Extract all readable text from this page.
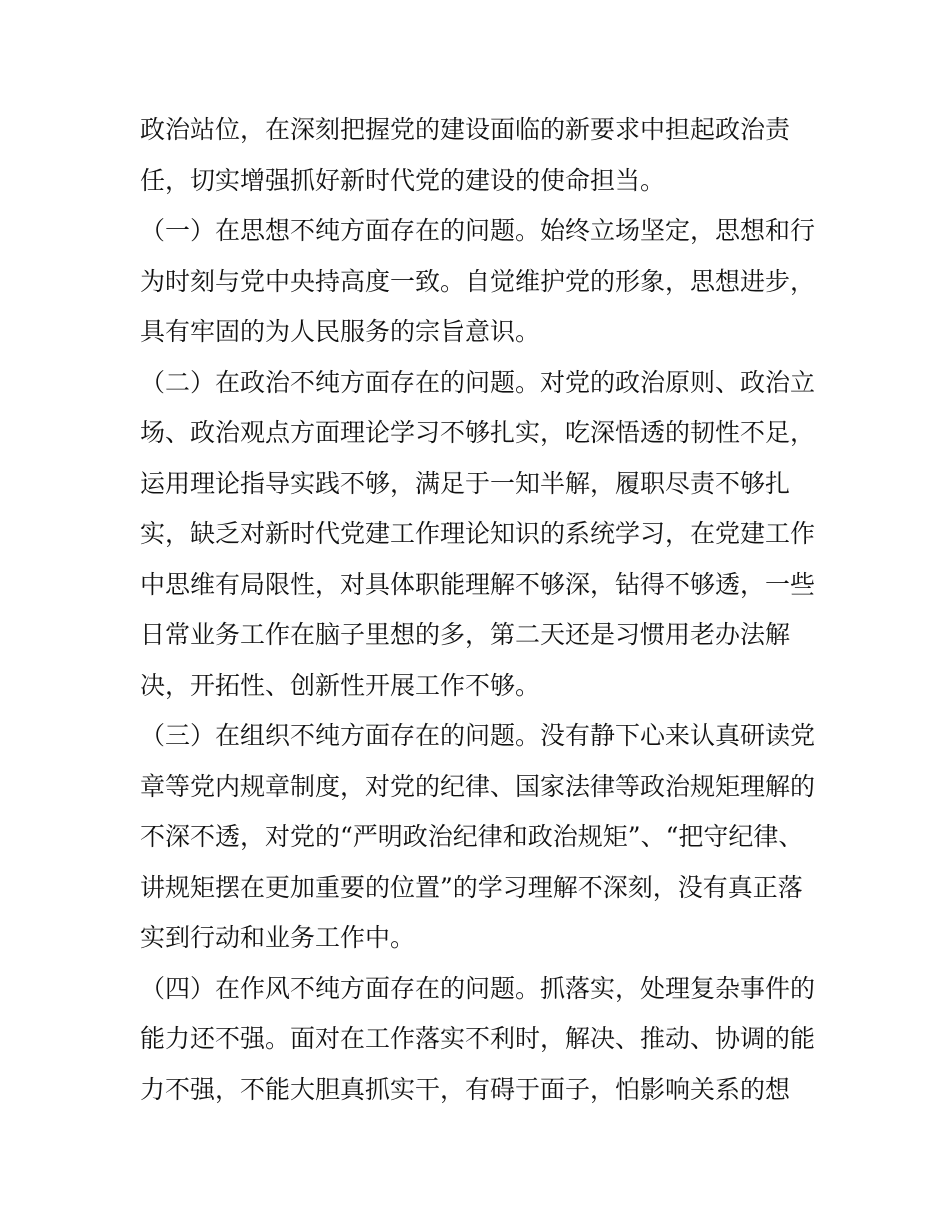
政治站位，在深刻把握党的建设面临的新要求中担起政治责

任，切实增强抓好新时代党的建设的使命担当。

（一）在思想不纯方面存在的问题。始终立场坚定，思想和行

为时刻与党中央持高度一致。自觉维护党的形象，思想进步，

具有牢固的为人民服务的宗旨意识。

（二）在政治不纯方面存在的问题。对党的政治原则、政治立

场、政治观点方面理论学习不够扎实，吃深悟透的韧性不足，

运用理论指导实践不够，满足于一知半解，履职尽责不够扎

实，缺乏对新时代党建工作理论知识的系统学习，在党建工作

中思维有局限性，对具体职能理解不够深，钻得不够透，一些

日常业务工作在脑子里想的多，第二天还是习惯用老办法解

决，开拓性、创新性开展工作不够。

（三）在组织不纯方面存在的问题。没有静下心来认真研读党

章等党内规章制度，对党的纪律、国家法律等政治规矩理解的

不深不透，对党的“严明政治纪律和政治规矩”、“把守纪律、

讲规矩摆在更加重要的位置”的学习理解不深刻，没有真正落

实到行动和业务工作中。

（四）在作风不纯方面存在的问题。抓落实，处理复杂事件的

能力还不强。面对在工作落实不利时，解决、推动、协调的能

力不强，不能大胆真抓实干，有碍于面子，怕影响关系的想
